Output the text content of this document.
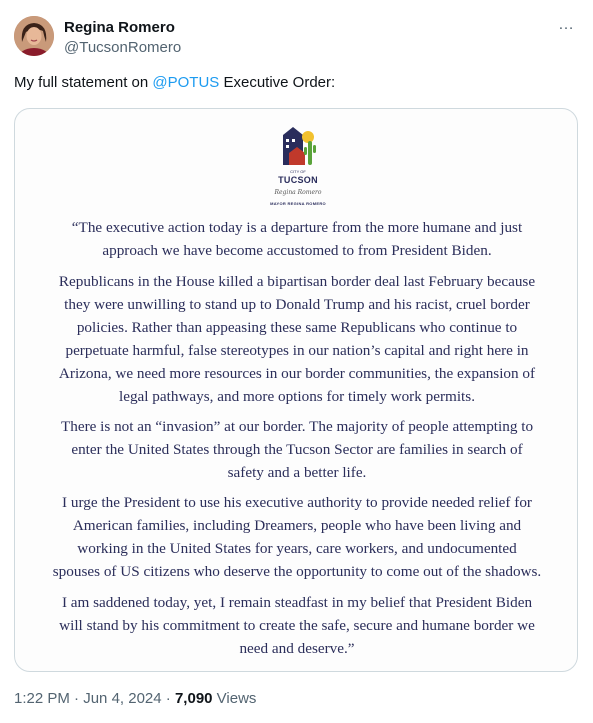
Regina Romero
@TucsonRomero
…
My full statement on @POTUS Executive Order:
CITY OF
TUCSON
Regina Romero
MAYOR REGINA ROMERO
“The executive action today is a departure from the more humane and just
approach we have become accustomed to from President Biden.
Republicans in the House killed a bipartisan border deal last February because
they were unwilling to stand up to Donald Trump and his racist, cruel border
policies. Rather than appeasing these same Republicans who continue to
perpetuate harmful, false stereotypes in our nation’s capital and right here in
Arizona, we need more resources in our border communities, the expansion of
legal pathways, and more options for timely work permits.
There is not an “invasion” at our border. The majority of people attempting to
enter the United States through the Tucson Sector are families in search of
safety and a better life.
I urge the President to use his executive authority to provide needed relief for
American families, including Dreamers, people who have been living and
working in the United States for years, care workers, and undocumented
spouses of US citizens who deserve the opportunity to come out of the shadows.
I am saddened today, yet, I remain steadfast in my belief that President Biden
will stand by his commitment to create the safe, secure and humane border we
need and deserve.”
1:22 PM · Jun 4, 2024 · 7,090 Views
